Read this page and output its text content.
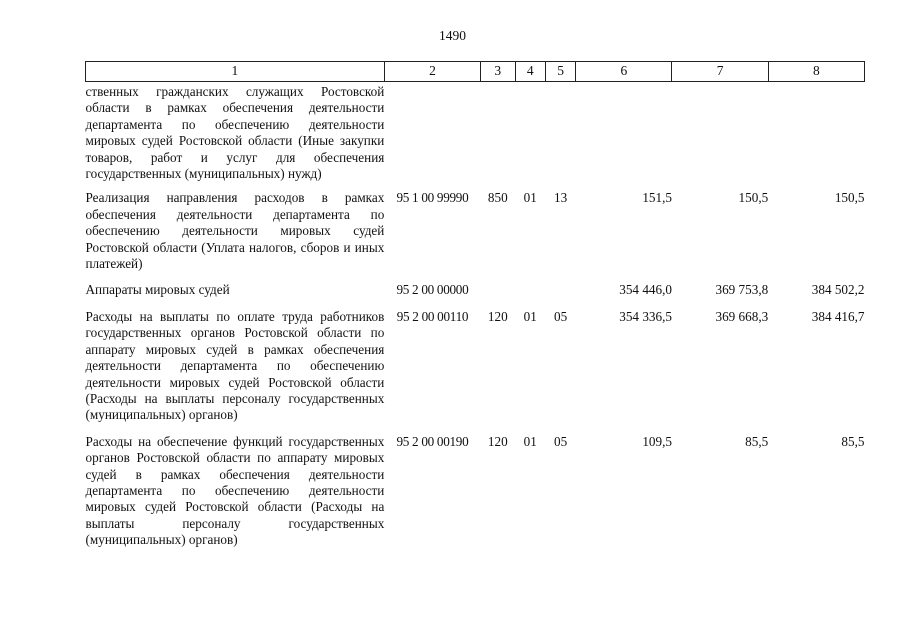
1490
1	2	3	4	5	6	7	8
ственных гражданских служащих Ростовской области в рамках обеспечения деятельности департамента по обеспечению деятельности мировых судей Ростовской области (Иные закупки товаров, работ и услуг для обеспечения государственных (муниципальных) нужд)							
Реализация направления расходов в рамках обеспечения деятельности департамента по обеспечению деятельности мировых судей Ростовской области (Уплата налогов, сборов и иных платежей)	95 1 00 99990	850	01	13	151,5	150,5	150,5
Аппараты мировых судей	95 2 00 00000				354 446,0	369 753,8	384 502,2
Расходы на выплаты по оплате труда работников государственных органов Ростовской области по аппарату мировых судей в рамках обеспечения деятельности департамента по обеспечению деятельности мировых судей Ростовской области (Расходы на выплаты персоналу государственных (муниципальных) органов)	95 2 00 00110	120	01	05	354 336,5	369 668,3	384 416,7
Расходы на обеспечение функций государственных органов Ростовской области по аппарату мировых судей в рамках обеспечения деятельности департамента по обеспечению деятельности мировых судей Ростовской области (Расходы на выплаты персоналу государственных (муниципальных) органов)	95 2 00 00190	120	01	05	109,5	85,5	85,5
